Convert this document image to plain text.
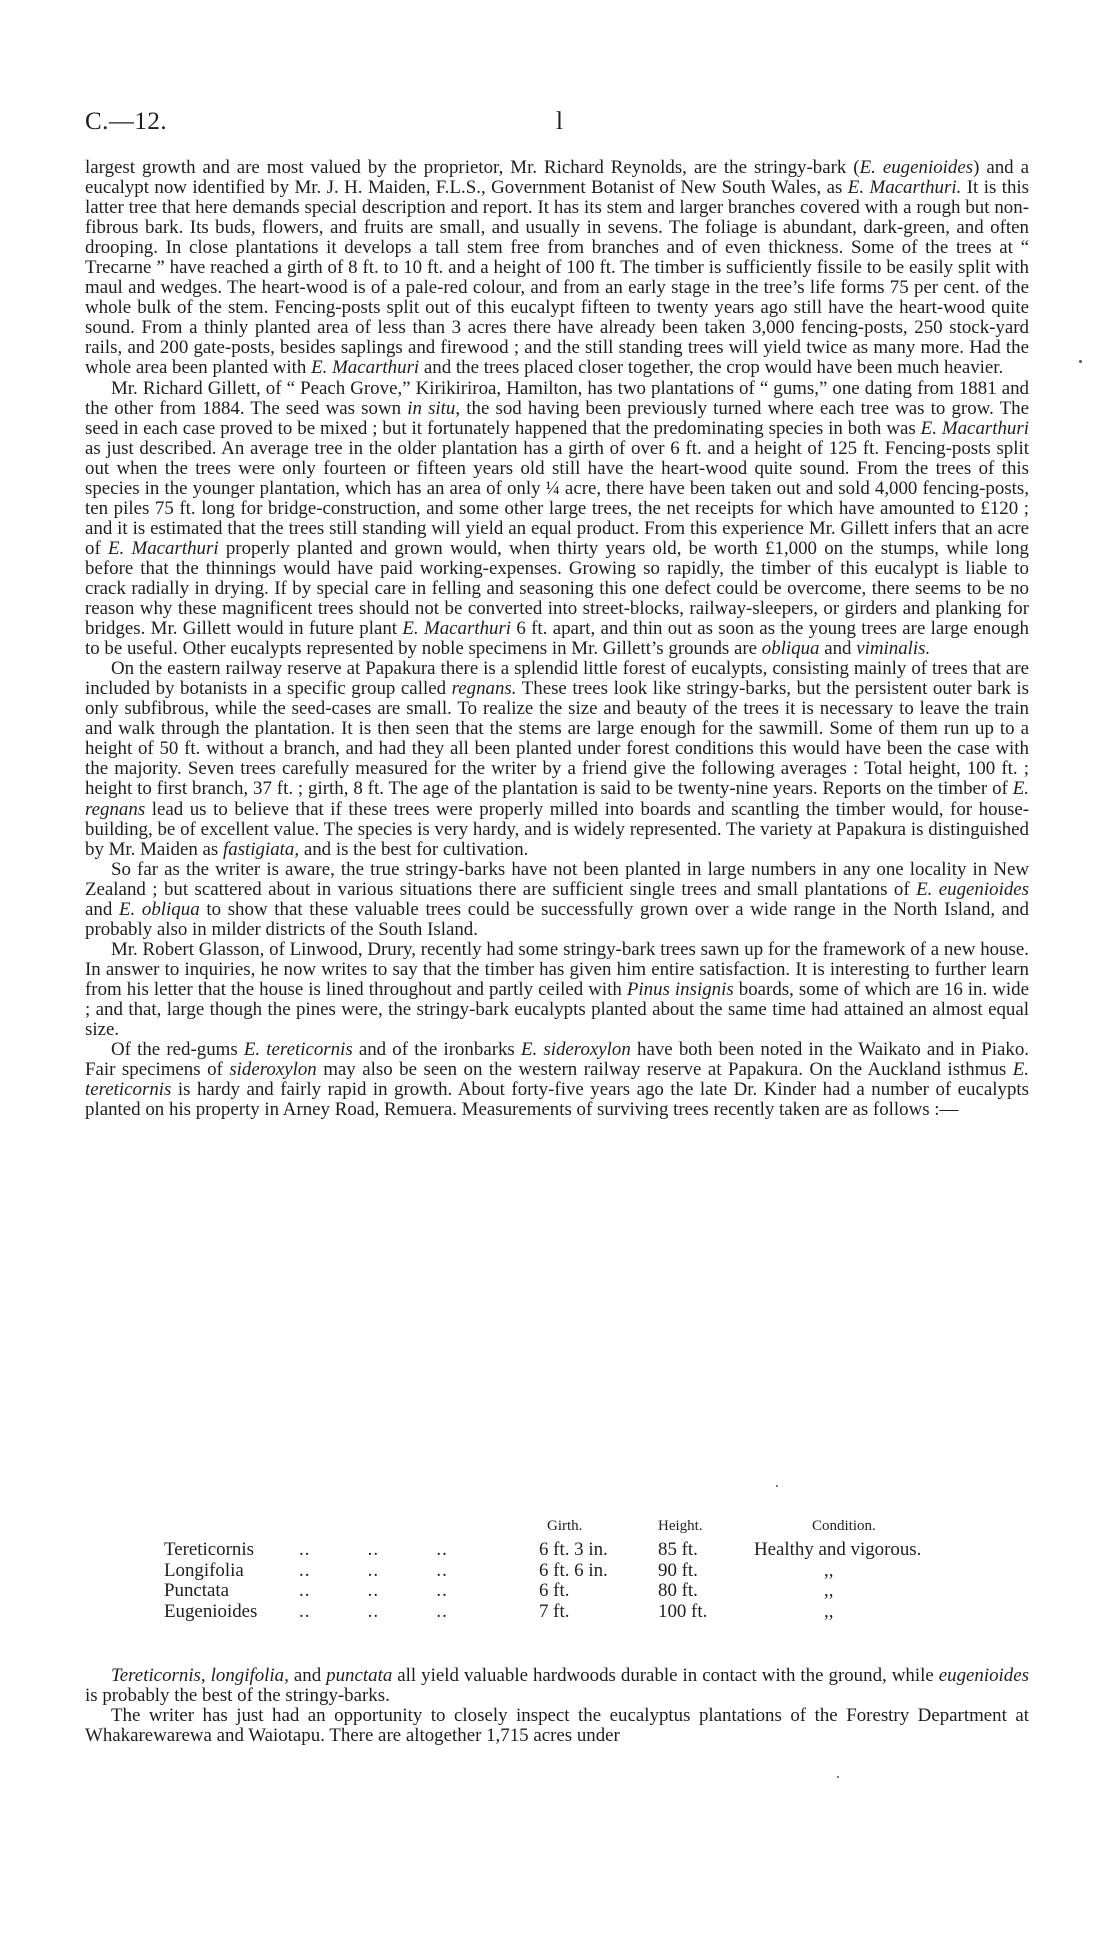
C.—12.	l

largest growth and are most valued by the proprietor, Mr. Richard Reynolds, are the stringy-bark (E. eugenioides) and a eucalypt now identified by Mr. J. H. Maiden, F.L.S., Government Botanist of New South Wales, as E. Macarthuri. It is this latter tree that here demands special description and report. It has its stem and larger branches covered with a rough but non-fibrous bark. Its buds, flowers, and fruits are small, and usually in sevens. The foliage is abundant, dark-green, and often drooping. In close plantations it develops a tall stem free from branches and of even thickness. Some of the trees at “ Trecarne ” have reached a girth of 8 ft. to 10 ft. and a height of 100 ft. The timber is sufficiently fissile to be easily split with maul and wedges. The heart-wood is of a pale-red colour, and from an early stage in the tree’s life forms 75 per cent. of the whole bulk of the stem. Fencing-posts split out of this eucalypt fifteen to twenty years ago still have the heart-wood quite sound. From a thinly planted area of less than 3 acres there have already been taken 3,000 fencing-posts, 250 stock-yard rails, and 200 gate-posts, besides saplings and firewood ; and the still standing trees will yield twice as many more. Had the whole area been planted with E. Macarthuri and the trees placed closer together, the crop would have been much heavier.

Mr. Richard Gillett, of “ Peach Grove,” Kirikiriroa, Hamilton, has two plantations of “ gums,” one dating from 1881 and the other from 1884. The seed was sown in situ, the sod having been previously turned where each tree was to grow. The seed in each case proved to be mixed ; but it fortunately happened that the predominating species in both was E. Macarthuri as just described. An average tree in the older plantation has a girth of over 6 ft. and a height of 125 ft. Fencing-posts split out when the trees were only fourteen or fifteen years old still have the heart-wood quite sound. From the trees of this species in the younger plantation, which has an area of only ¼ acre, there have been taken out and sold 4,000 fencing-posts, ten piles 75 ft. long for bridge-construction, and some other large trees, the net receipts for which have amounted to £120 ; and it is estimated that the trees still standing will yield an equal product. From this experience Mr. Gillett infers that an acre of E. Macarthuri properly planted and grown would, when thirty years old, be worth £1,000 on the stumps, while long before that the thinnings would have paid working-expenses. Growing so rapidly, the timber of this eucalypt is liable to crack radially in drying. If by special care in felling and seasoning this one defect could be overcome, there seems to be no reason why these magnificent trees should not be converted into street-blocks, railway-sleepers, or girders and planking for bridges. Mr. Gillett would in future plant E. Macarthuri 6 ft. apart, and thin out as soon as the young trees are large enough to be useful. Other eucalypts represented by noble specimens in Mr. Gillett’s grounds are obliqua and viminalis.

On the eastern railway reserve at Papakura there is a splendid little forest of eucalypts, consisting mainly of trees that are included by botanists in a specific group called regnans. These trees look like stringy-barks, but the persistent outer bark is only subfibrous, while the seed-cases are small. To realize the size and beauty of the trees it is necessary to leave the train and walk through the plantation. It is then seen that the stems are large enough for the sawmill. Some of them run up to a height of 50 ft. without a branch, and had they all been planted under forest conditions this would have been the case with the majority. Seven trees carefully measured for the writer by a friend give the following averages : Total height, 100 ft. ; height to first branch, 37 ft. ; girth, 8 ft. The age of the plantation is said to be twenty-nine years. Reports on the timber of E. regnans lead us to believe that if these trees were properly milled into boards and scantling the timber would, for house-building, be of excellent value. The species is very hardy, and is widely represented. The variety at Papakura is distinguished by Mr. Maiden as fastigiata, and is the best for cultivation.

So far as the writer is aware, the true stringy-barks have not been planted in large numbers in any one locality in New Zealand ; but scattered about in various situations there are sufficient single trees and small plantations of E. eugenioides and E. obliqua to show that these valuable trees could be successfully grown over a wide range in the North Island, and probably also in milder districts of the South Island.

Mr. Robert Glasson, of Linwood, Drury, recently had some stringy-bark trees sawn up for the framework of a new house. In answer to inquiries, he now writes to say that the timber has given him entire satisfaction. It is interesting to further learn from his letter that the house is lined throughout and partly ceiled with Pinus insignis boards, some of which are 16 in. wide ; and that, large though the pines were, the stringy-bark eucalypts planted about the same time had attained an almost equal size.

Of the red-gums E. tereticornis and of the ironbarks E. sideroxylon have both been noted in the Waikato and in Piako. Fair specimens of sideroxylon may also be seen on the western railway reserve at Papakura. On the Auckland isthmus E. tereticornis is hardy and fairly rapid in growth. About forty-five years ago the late Dr. Kinder had a number of eucalypts planted on his property in Arney Road, Remuera. Measurements of surviving trees recently taken are as follows :—

		Girth.	Height.	Condition.
Tereticornis	..          ..          ..	6 ft. 3 in.	85 ft.	Healthy and vigorous.
Longifolia	..          ..          ..	6 ft. 6 in.	90 ft.	,,
Punctata	..          ..          ..	6 ft.	80 ft.	,,
Eugenioides	..          ..          ..	7 ft.	100 ft.	,,

Tereticornis, longifolia, and punctata all yield valuable hardwoods durable in contact with the ground, while eugenioides is probably the best of the stringy-barks.

The writer has just had an opportunity to closely inspect the eucalyptus plantations of the Forestry Department at Whakarewarewa and Waiotapu. There are altogether 1,715 acres under
